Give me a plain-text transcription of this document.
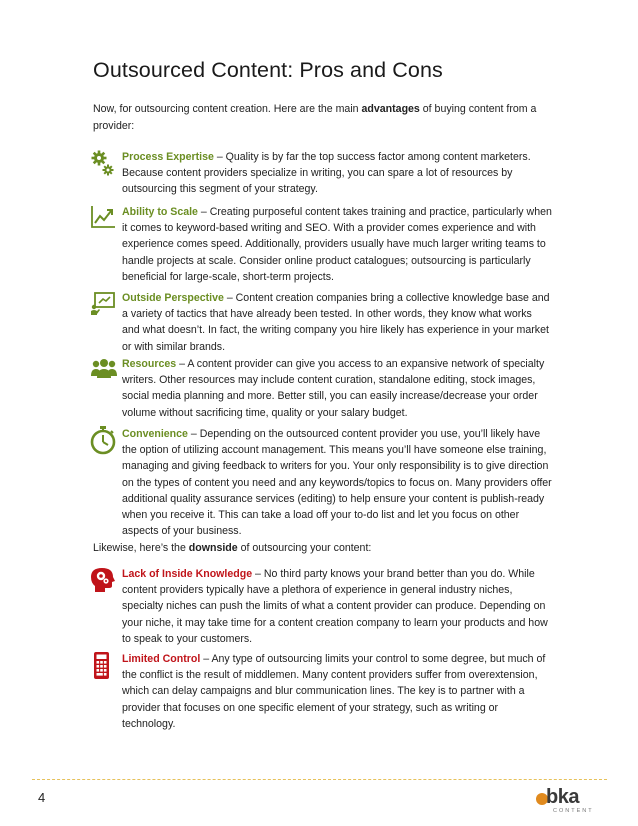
Outsourced Content: Pros and Cons
Now, for outsourcing content creation. Here are the main advantages of buying content from a provider:
Process Expertise – Quality is by far the top success factor among content marketers. Because content providers specialize in writing, you can spare a lot of resources by outsourcing this segment of your strategy.
Ability to Scale – Creating purposeful content takes training and practice, particularly when it comes to keyword-based writing and SEO. With a provider comes experience and with experience comes speed. Additionally, providers usually have much larger writing teams to handle projects at scale. Consider online product catalogues; outsourcing is particularly beneficial for large-scale, short-term projects.
Outside Perspective – Content creation companies bring a collective knowledge base and a variety of tactics that have already been tested. In other words, they know what works and what doesn’t. In fact, the writing company you hire likely has experience in your market or with similar brands.
Resources – A content provider can give you access to an expansive network of specialty writers. Other resources may include content curation, standalone editing, stock images, social media planning and more. Better still, you can easily increase/decrease your order volume without sacrificing time, quality or your salary budget.
Convenience – Depending on the outsourced content provider you use, you’ll likely have the option of utilizing account management. This means you’ll have someone else training, managing and giving feedback to writers for you. Your only responsibility is to give direction on the types of content you need and any keywords/topics to focus on. Many providers offer additional quality assurance services (editing) to help ensure your content is publish-ready when you receive it. This can take a load off your to-do list and let you focus on other aspects of your business.
Likewise, here’s the downside of outsourcing your content:
Lack of Inside Knowledge – No third party knows your brand better than you do. While content providers typically have a plethora of experience in general industry niches, specialty niches can push the limits of what a content provider can produce. Depending on your niche, it may take time for a content creation company to learn your products and how to speak to your customers.
Limited Control – Any type of outsourcing limits your control to some degree, but much of the conflict is the result of middlemen. Many content providers suffer from overextension, which can delay campaigns and blur communication lines. The key is to partner with a provider that focuses on one specific element of your strategy, such as writing or technology.
4	bka
CONTENT
